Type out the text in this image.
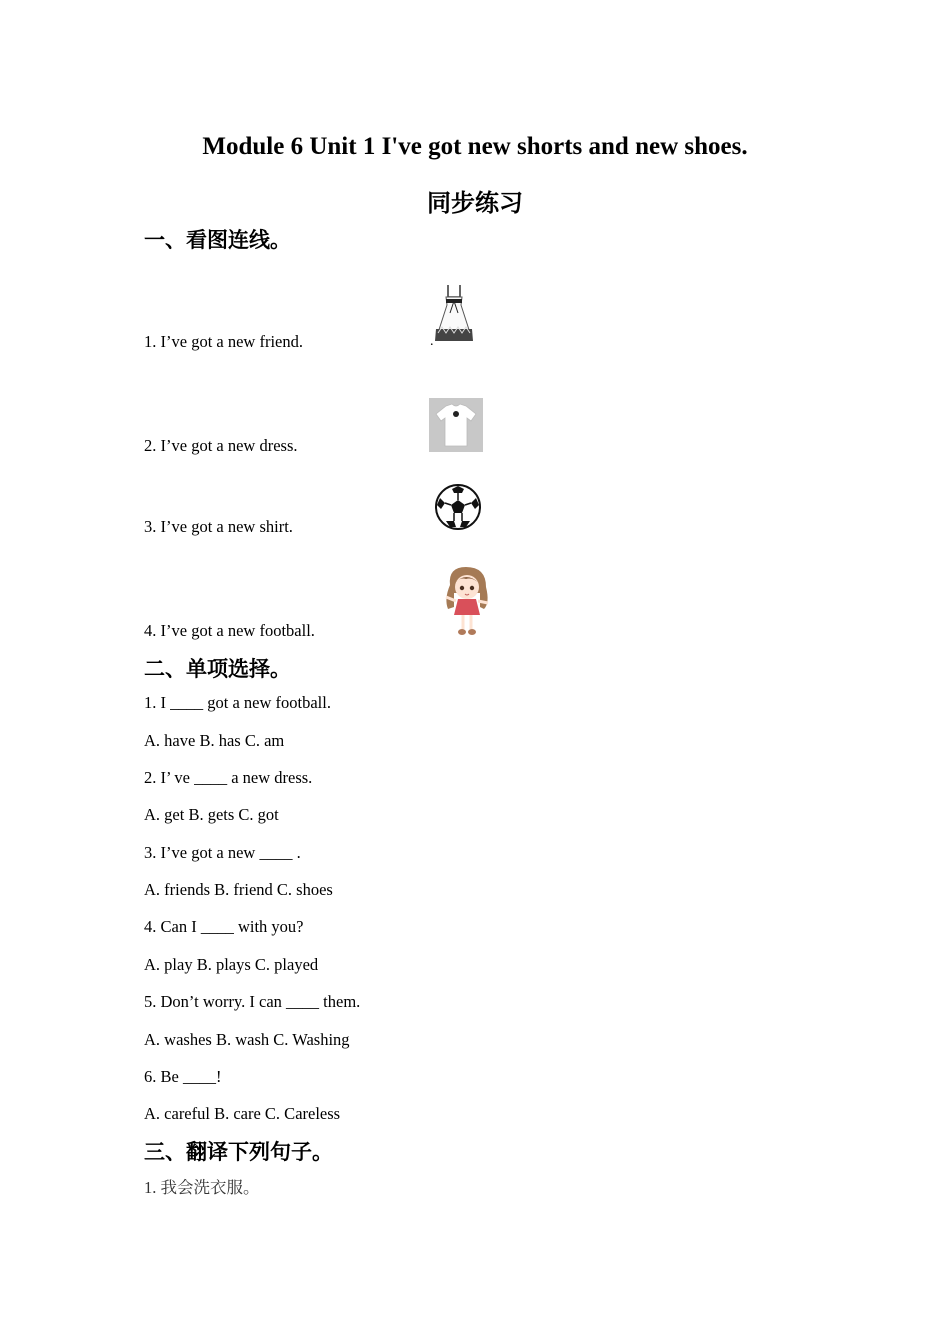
Module 6 Unit 1 I've got new shorts and new shoes.
同步练习
一、看图连线。
1. I’ve got a new friend.
2. I’ve got a new dress.
3. I’ve got a new shirt.
4. I’ve got a new football.
.
二、单项选择。
1. I ____ got a new football.
A. have B. has C. am
2. I’ ve ____ a new dress.
A. get B. gets C. got
3. I’ve got a new ____ .
A. friends B. friend C. shoes
4. Can I ____ with you?
A. play B. plays C. played
5. Don’t worry. I can ____ them.
A. washes B. wash C. Washing
6. Be ____!
A. careful B. care C. Careless
三、翻译下列句子。
1. 我会洗衣服。
